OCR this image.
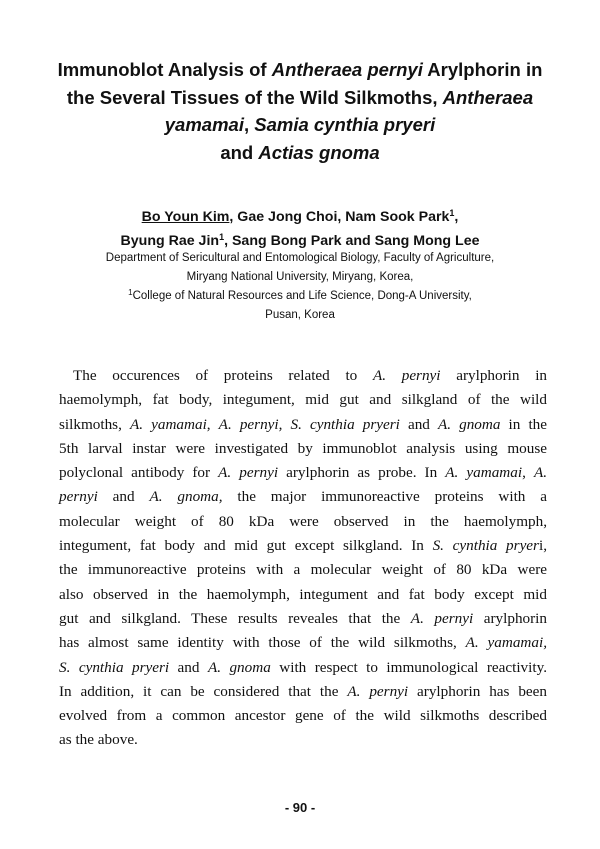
Immunoblot Analysis of Antheraea pernyi Arylphorin in
the Several Tissues of the Wild Silkmoths, Antheraea
yamamai, Samia cynthia pryeri
and Actias gnoma
Bo Youn Kim, Gae Jong Choi, Nam Sook Park$^1$,
Byung Rae Jin$^1$, Sang Bong Park and Sang Mong Lee
Department of Sericultural and Entomological Biology, Faculty of Agriculture,
Miryang National University, Miryang, Korea,
$^1$College of Natural Resources and Life Science, Dong-A University,
Pusan, Korea
The occurences of proteins related to A. pernyi arylphorin in
haemolymph, fat body, integument, mid gut and silkgland of the wild
silkmoths, A. yamamai, A. pernyi, S. cynthia pryeri and A. gnoma in the
5th larval instar were investigated by immunoblot analysis using mouse
polyclonal antibody for A. pernyi arylphorin as probe. In A. yamamai, A.
pernyi and A. gnoma, the major immunoreactive proteins with a
molecular weight of 80 kDa were observed in the haemolymph,
integument, fat body and mid gut except silkgland. In S. cynthia pryeri,
the immunoreactive proteins with a molecular weight of 80 kDa were
also observed in the haemolymph, integument and fat body except mid
gut and silkgland. These results reveales that the A. pernyi arylphorin
has almost same identity with those of the wild silkmoths, A. yamamai,
S. cynthia pryeri and A. gnoma with respect to immunological reactivity.
In addition, it can be considered that the A. pernyi arylphorin has been
evolved from a common ancestor gene of the wild silkmoths described
as the above.
- 90 -
